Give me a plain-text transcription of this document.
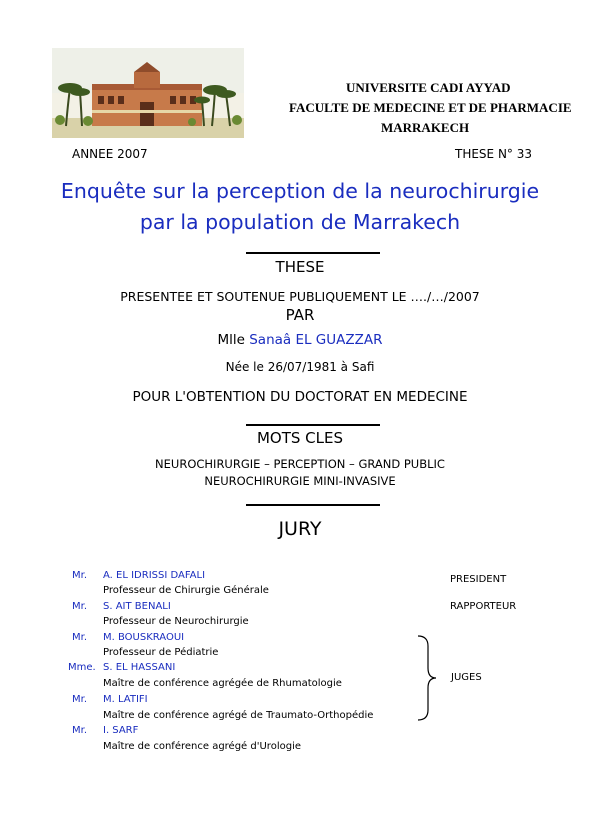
UNIVERSITE CADI AYYAD
FACULTE DE MEDECINE ET DE PHARMACIE
MARRAKECH
ANNEE 2007	THESE N° 33
Enquête sur la perception de la neurochirurgie
par la population de Marrakech
THESE
PRESENTEE ET SOUTENUE PUBLIQUEMENT LE …./…/2007
PAR
Mlle Sanaâ EL GUAZZAR
Née le 26/07/1981 à Safi
POUR L'OBTENTION DU DOCTORAT EN MEDECINE
MOTS CLES
NEUROCHIRURGIE – PERCEPTION – GRAND PUBLIC
NEUROCHIRURGIE MINI-INVASIVE
JURY
Mr. A. EL IDRISSI DAFALI
Professeur de Chirurgie Générale
Mr. S. AIT BENALI
Professeur de Neurochirurgie
Mr. M. BOUSKRAOUI
Professeur de Pédiatrie
Mme. S. EL HASSANI
Maître de conférence agrégée de Rhumatologie
Mr. M. LATIFI
Maître de conférence agrégé de Traumato-Orthopédie
Mr. I. SARF
Maître de conférence agrégé d'Urologie
PRESIDENT
RAPPORTEUR
JUGES
